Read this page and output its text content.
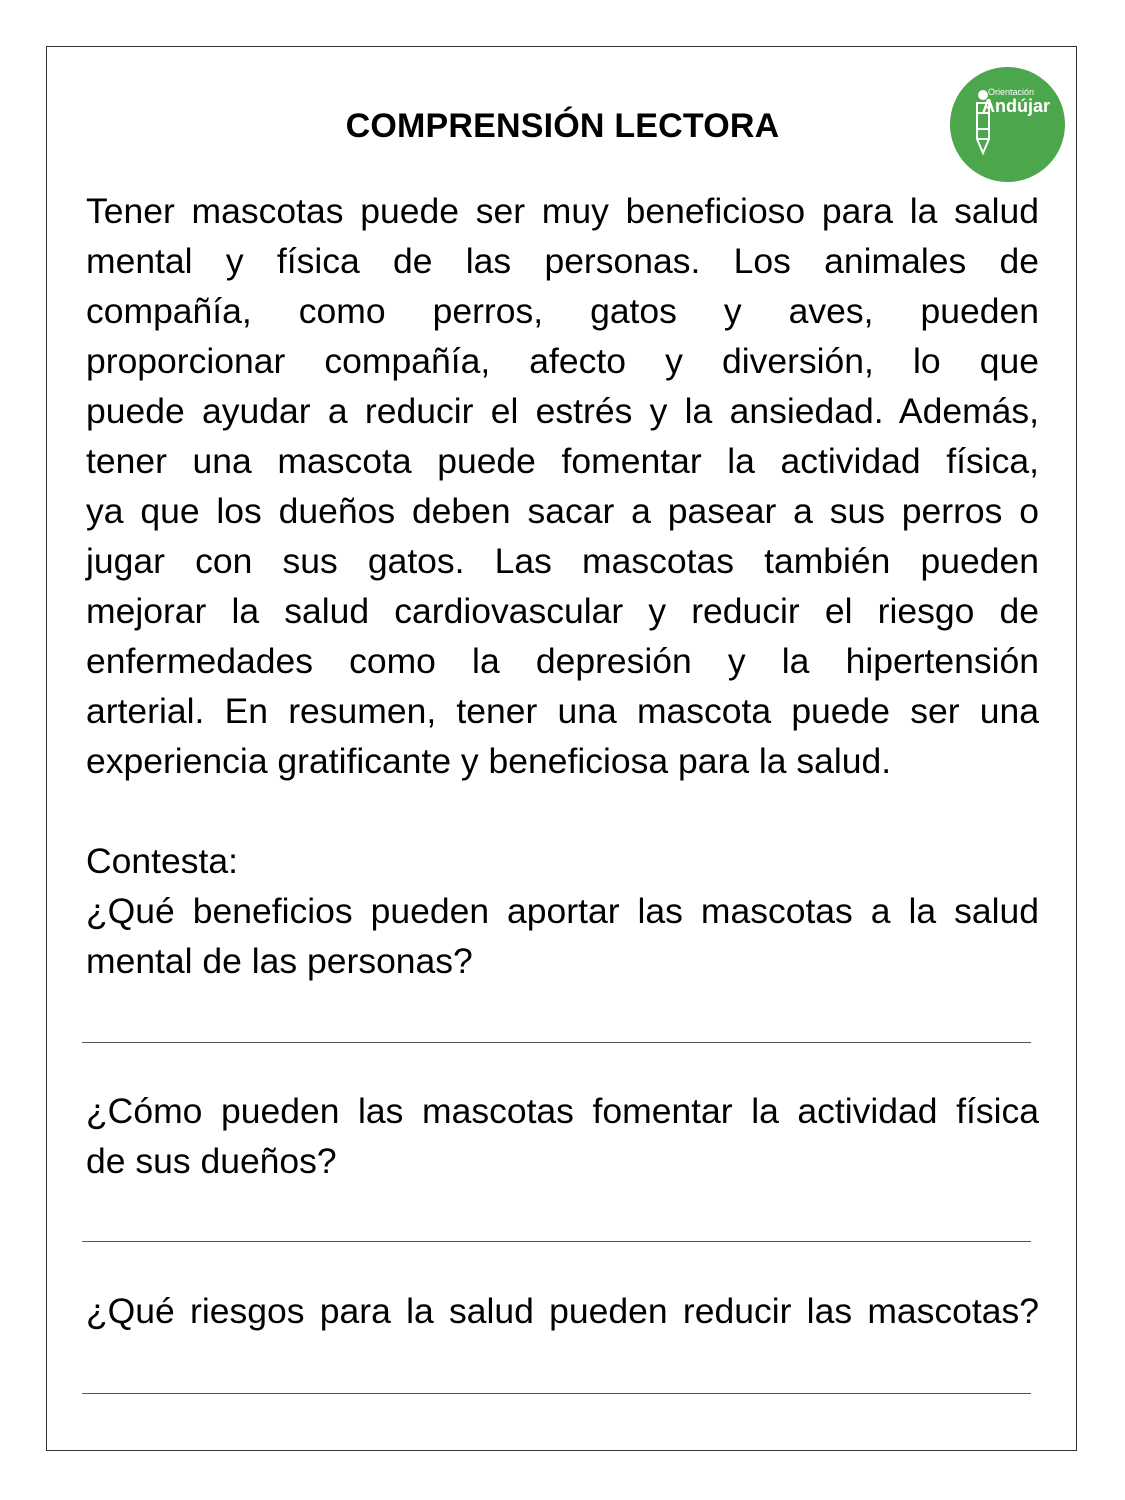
COMPRENSIÓN LECTORA
Orientación
Andújar
Tener mascotas puede ser muy beneficioso para la salud
mental y física de las personas. Los animales de
compañía, como perros, gatos y aves, pueden
proporcionar compañía, afecto y diversión, lo que
puede ayudar a reducir el estrés y la ansiedad. Además,
tener una mascota puede fomentar la actividad física,
ya que los dueños deben sacar a pasear a sus perros o
jugar con sus gatos. Las mascotas también pueden
mejorar la salud cardiovascular y reducir el riesgo de
enfermedades como la depresión y la hipertensión
arterial. En resumen, tener una mascota puede ser una
experiencia gratificante y beneficiosa para la salud.
Contesta:
¿Qué beneficios pueden aportar las mascotas a la salud
mental de las personas?
¿Cómo pueden las mascotas fomentar la actividad física
de sus dueños?
¿Qué riesgos para la salud pueden reducir las mascotas?
